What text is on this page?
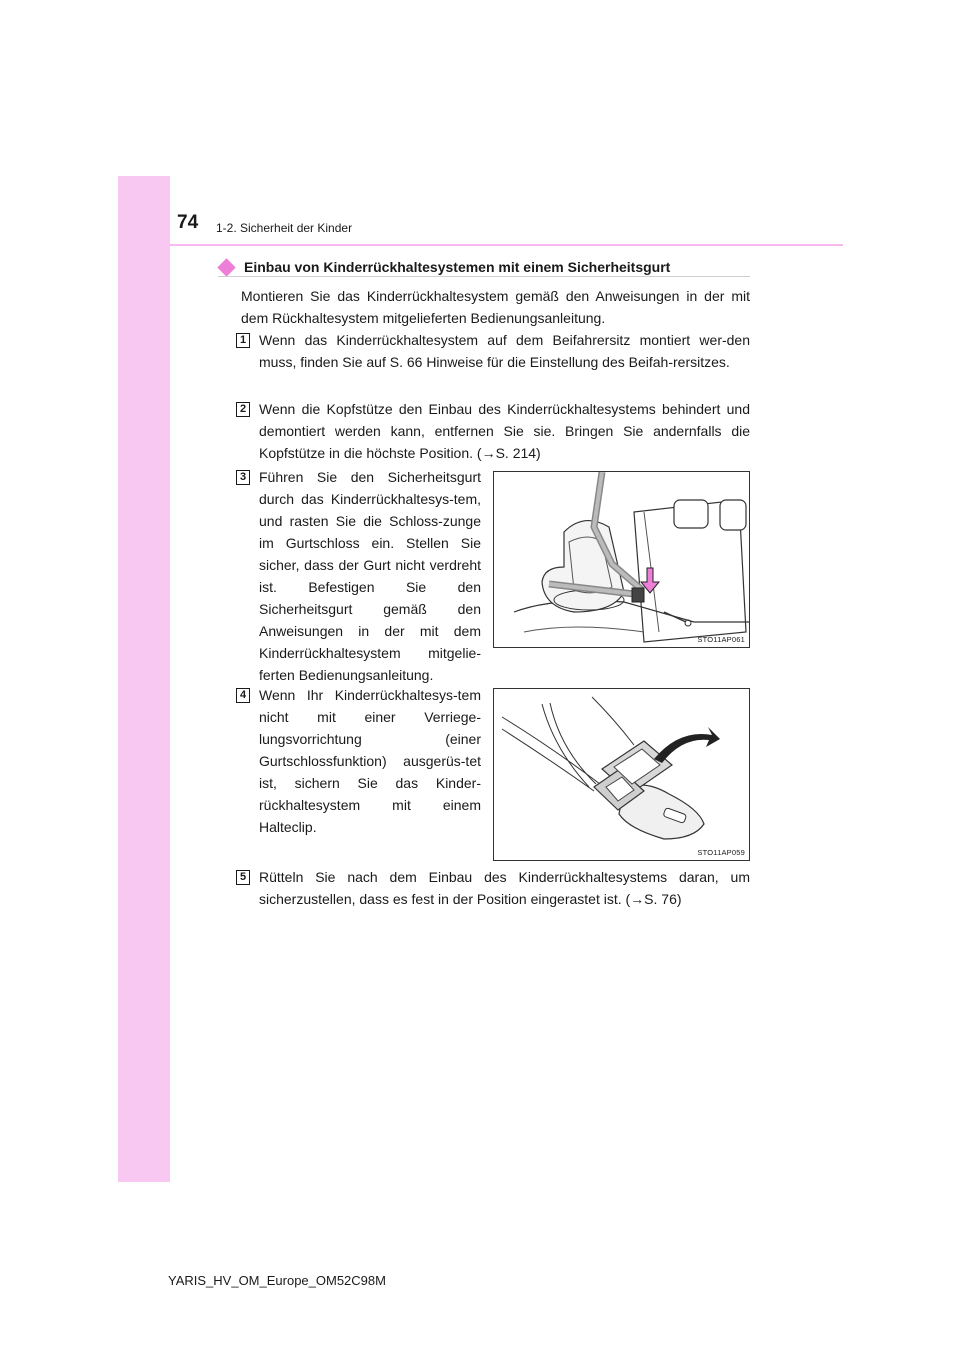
74 1-2. Sicherheit der Kinder
Einbau von Kinderrückhaltesystemen mit einem Sicherheitsgurt
Montieren Sie das Kinderrückhaltesystem gemäß den Anweisungen in der mit dem Rückhaltesystem mitgelieferten Bedienungsanleitung.
1 Wenn das Kinderrückhaltesystem auf dem Beifahrersitz montiert wer-den muss, finden Sie auf S. 66 Hinweise für die Einstellung des Beifah-rersitzes.
2 Wenn die Kopfstütze den Einbau des Kinderrückhaltesystems behindert und demontiert werden kann, entfernen Sie sie. Bringen Sie andernfalls die Kopfstütze in die höchste Position. (→S. 214)
3 Führen Sie den Sicherheitsgurt durch das Kinderrückhaltesys-tem, und rasten Sie die Schloss-zunge im Gurtschloss ein. Stellen Sie sicher, dass der Gurt nicht verdreht ist. Befestigen Sie den Sicherheitsgurt gemäß den Anweisungen in der mit dem Kinderrückhaltesystem mitgelie-ferten Bedienungsanleitung.
STO11AP061
4 Wenn Ihr Kinderrückhaltesys-tem nicht mit einer Verriege-lungsvorrichtung (einer Gurtschlossfunktion) ausgerüs-tet ist, sichern Sie das Kinder-rückhaltesystem mit einem Halteclip.
STO11AP059
5 Rütteln Sie nach dem Einbau des Kinderrückhaltesystems daran, um sicherzustellen, dass es fest in der Position eingerastet ist. (→S. 76)
YARIS_HV_OM_Europe_OM52C98M
